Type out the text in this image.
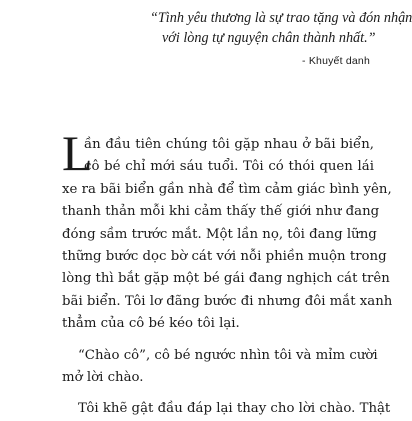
“Tình yêu thương là sự trao tặng và đón nhận
với lòng tự nguyện chân thành nhất.”
- Khuyết danh
L
ần đầu tiên chúng tôi gặp nhau ở bãi biển,
cô bé chỉ mới sáu tuổi. Tôi có thói quen lái
xe ra bãi biển gần nhà để tìm cảm giác bình yên,
thanh thản mỗi khi cảm thấy thế giới như đang
đóng sầm trước mắt. Một lần nọ, tôi đang lững
thững bước dọc bờ cát với nỗi phiền muộn trong
lòng thì bắt gặp một bé gái đang nghịch cát trên
bãi biển. Tôi lơ đãng bước đi nhưng đôi mắt xanh
thẳm của cô bé kéo tôi lại.
“Chào cô”, cô bé ngước nhìn tôi và mỉm cười
mở lời chào.
Tôi khẽ gật đầu đáp lại thay cho lời chào. Thật
